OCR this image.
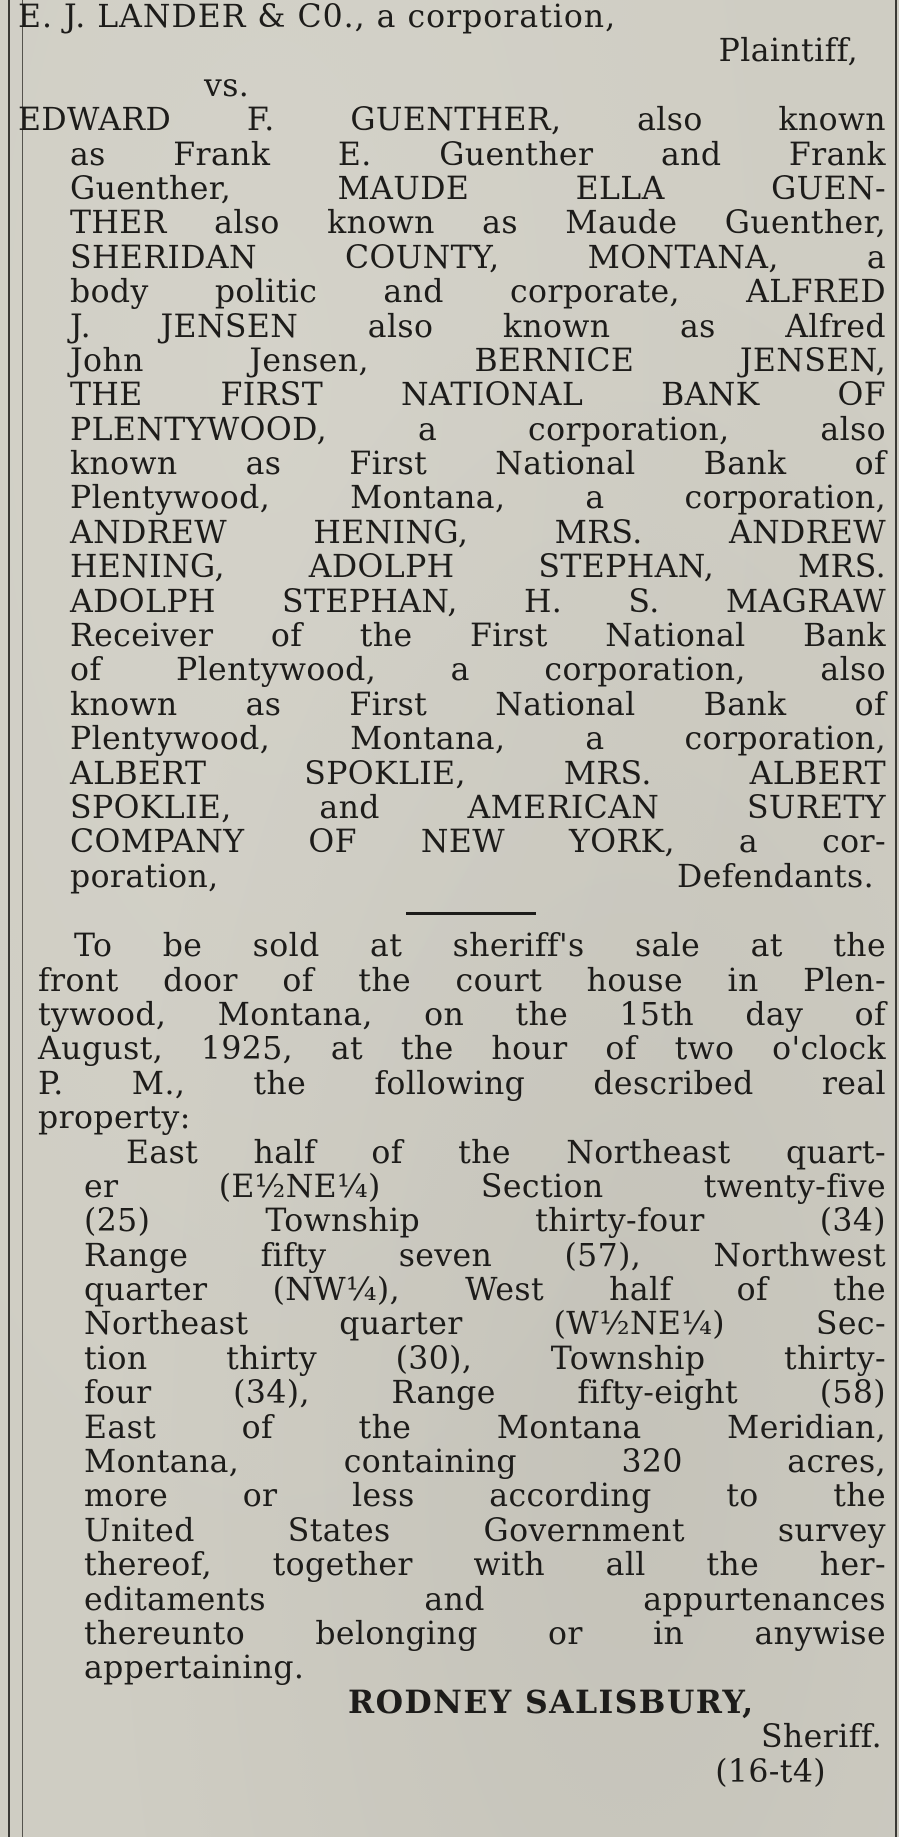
E. J. LANDER & C0., a corporation,
Plaintiff,
vs.
EDWARD F. GUENTHER, also known
as Frank E. Guenther and Frank
Guenther, MAUDE ELLA GUEN-
THER also known as Maude Guenther,
SHERIDAN COUNTY, MONTANA, a
body politic and corporate, ALFRED
J. JENSEN also known as Alfred
John Jensen, BERNICE JENSEN,
THE FIRST NATIONAL BANK OF
PLENTYWOOD, a corporation, also
known as First National Bank of
Plentywood, Montana, a corporation,
ANDREW HENING, MRS. ANDREW
HENING, ADOLPH STEPHAN, MRS.
ADOLPH STEPHAN, H. S. MAGRAW
Receiver of the First National Bank
of Plentywood, a corporation, also
known as First National Bank of
Plentywood, Montana, a corporation,
ALBERT SPOKLIE, MRS. ALBERT
SPOKLIE, and AMERICAN SURETY
COMPANY OF NEW YORK, a cor-
poration,	Defendants.
To be sold at sheriff's sale at the
front door of the court house in Plen-
tywood, Montana, on the 15th day of
August, 1925, at the hour of two o'clock
P. M., the following described real
property:
East half of the Northeast quart-
er (E½NE¼) Section twenty-five
(25) Township thirty-four (34)
Range fifty seven (57), Northwest
quarter (NW¼), West half of the
Northeast quarter (W½NE¼) Sec-
tion thirty (30), Township thirty-
four (34), Range fifty-eight (58)
East of the Montana Meridian,
Montana, containing 320 acres,
more or less according to the
United States Government survey
thereof, together with all the her-
editaments and appurtenances
thereunto belonging or in anywise
appertaining.
RODNEY SALISBURY,
Sheriff.
(16-t4)
